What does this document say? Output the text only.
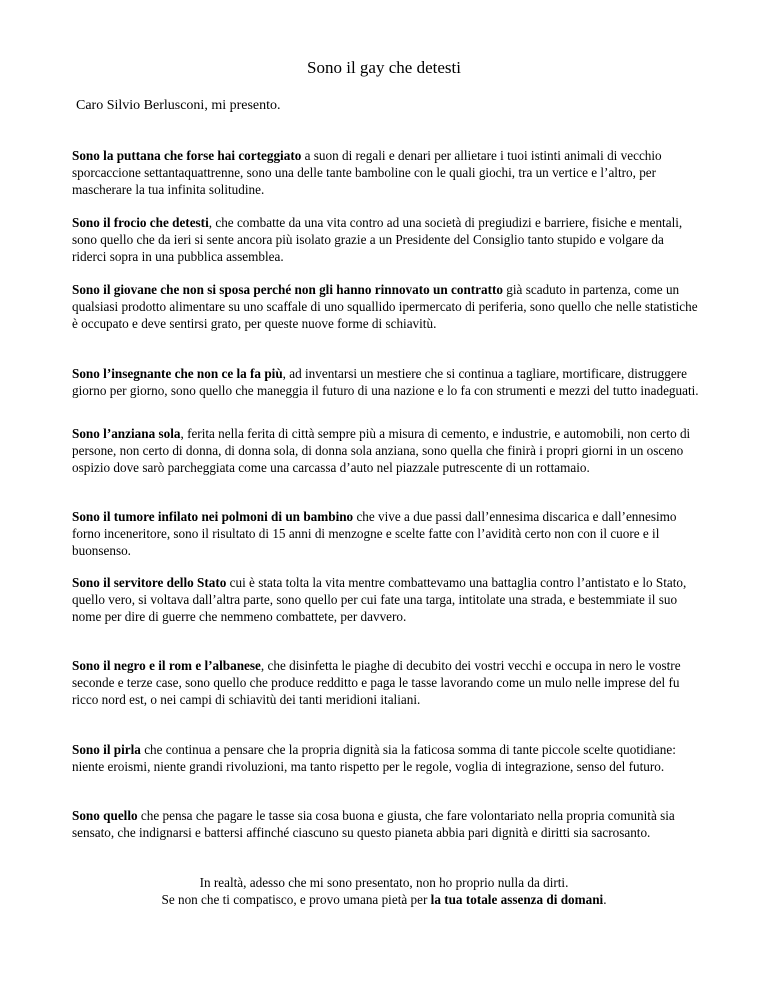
Sono il gay che detesti
Caro Silvio Berlusconi, mi presento.

Sono la puttana che forse hai corteggiato a suon di regali e denari per allietare i tuoi istinti animali di vecchio sporcaccione settantaquattrenne, sono una delle tante bamboline con le quali giochi, tra un vertice e l’altro, per mascherare la tua infinita solitudine.

Sono il frocio che detesti, che combatte da una vita contro ad una società di pregiudizi e barriere, fisiche e mentali, sono quello che da ieri si sente ancora più isolato grazie a un Presidente del Consiglio tanto stupido e volgare da riderci sopra in una pubblica assemblea.

Sono il giovane che non si sposa perché non gli hanno rinnovato un contratto già scaduto in partenza, come un qualsiasi prodotto alimentare su uno scaffale di uno squallido ipermercato di periferia, sono quello che nelle statistiche è occupato e deve sentirsi grato, per queste nuove forme di schiavitù.

Sono l’insegnante che non ce la fa più, ad inventarsi un mestiere che si continua a tagliare, mortificare, distruggere giorno per giorno, sono quello che maneggia il futuro di una nazione e lo fa con strumenti e mezzi del tutto inadeguati.

Sono l’anziana sola, ferita nella ferita di città sempre più a misura di cemento, e industrie, e automobili, non certo di persone, non certo di donna, di donna sola, di donna sola anziana, sono quella che finirà i propri giorni in un osceno ospizio dove sarò parcheggiata come una carcassa d’auto nel piazzale putrescente di un rottamaio.

Sono il tumore infilato nei polmoni di un bambino che vive a due passi dall’ennesima discarica e dall’ennesimo forno inceneritore, sono il risultato di 15 anni di menzogne e scelte fatte con l’avidità certo non con il cuore e il buonsenso.

Sono il servitore dello Stato cui è stata tolta la vita mentre combattevamo una battaglia contro l’antistato e lo Stato, quello vero, si voltava dall’altra parte, sono quello per cui fate una targa, intitolate una strada, e bestemmiate il suo nome per dire di guerre che nemmeno combattete, per davvero.

Sono il negro e il rom e l’albanese, che disinfetta le piaghe di decubito dei vostri vecchi e occupa in nero le vostre seconde e terze case, sono quello che produce redditto e paga le tasse lavorando come un mulo nelle imprese del fu ricco nord est, o nei campi di schiavitù dei tanti meridioni italiani.

Sono il pirla che continua a pensare che la propria dignità sia la faticosa somma di tante piccole scelte quotidiane: niente eroismi, niente grandi rivoluzioni, ma tanto rispetto per le regole, voglia di integrazione, senso del futuro.

Sono quello che pensa che pagare le tasse sia cosa buona e giusta, che fare volontariato nella propria comunità sia sensato, che indignarsi e battersi affinché ciascuno su questo pianeta abbia pari dignità e diritti sia sacrosanto.

In realtà, adesso che mi sono presentato, non ho proprio nulla da dirti.
Se non che ti compatisco, e provo umana pietà per la tua totale assenza di domani.
